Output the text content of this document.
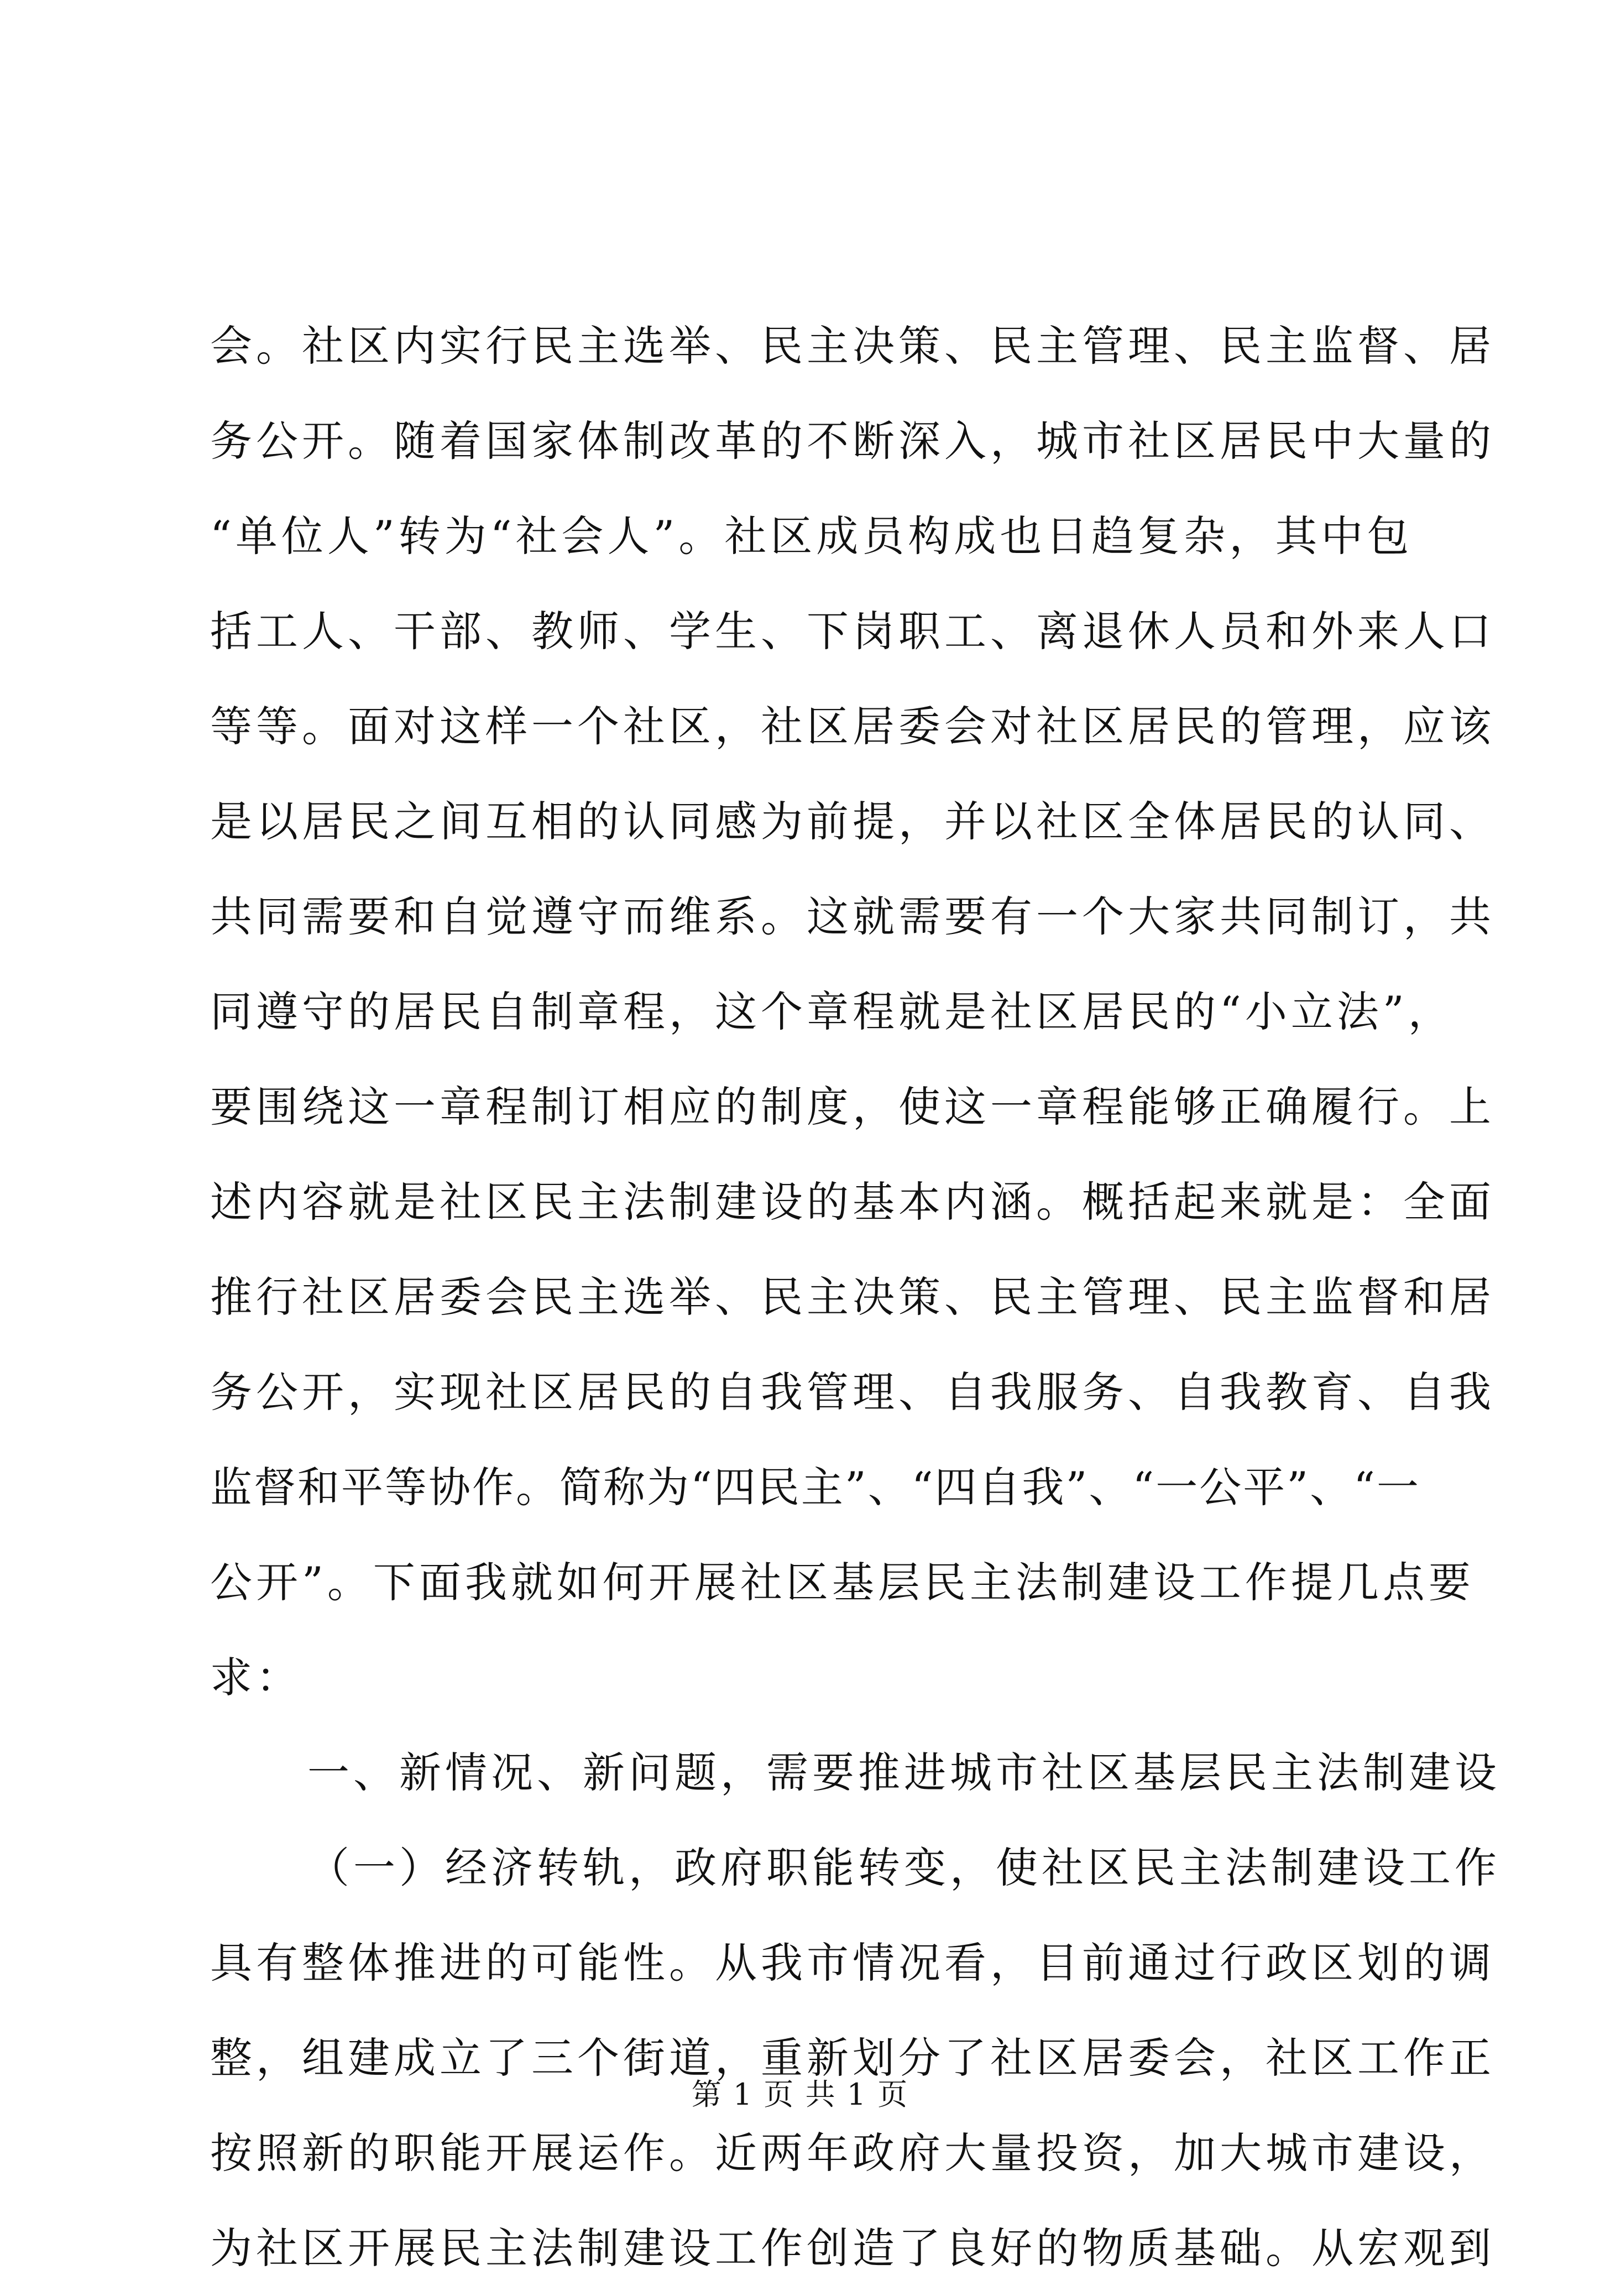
会。社区内实行民主选举、民主决策、民主管理、民主监督、居
务公开。随着国家体制改革的不断深入，城市社区居民中大量的
“单位人”转为“社会人”。社区成员构成也日趋复杂，其中包
括工人、干部、教师、学生、下岗职工、离退休人员和外来人口
等等。面对这样一个社区，社区居委会对社区居民的管理，应该
是以居民之间互相的认同感为前提，并以社区全体居民的认同、
共同需要和自觉遵守而维系。这就需要有一个大家共同制订，共
同遵守的居民自制章程，这个章程就是社区居民的“小立法”，
要围绕这一章程制订相应的制度，使这一章程能够正确履行。上
述内容就是社区民主法制建设的基本内涵。概括起来就是：全面
推行社区居委会民主选举、民主决策、民主管理、民主监督和居
务公开，实现社区居民的自我管理、自我服务、自我教育、自我
监督和平等协作。简称为“四民主”、“四自我”、“一公平”、“一
公开”。下面我就如何开展社区基层民主法制建设工作提几点要
求：
一、新情况、新问题，需要推进城市社区基层民主法制建设
（一）经济转轨，政府职能转变，使社区民主法制建设工作
具有整体推进的可能性。从我市情况看，目前通过行政区划的调
整，组建成立了三个街道，重新划分了社区居委会，社区工作正
按照新的职能开展运作。近两年政府大量投资，加大城市建设，
为社区开展民主法制建设工作创造了良好的物质基础。从宏观到
第 1 页 共 1 页
